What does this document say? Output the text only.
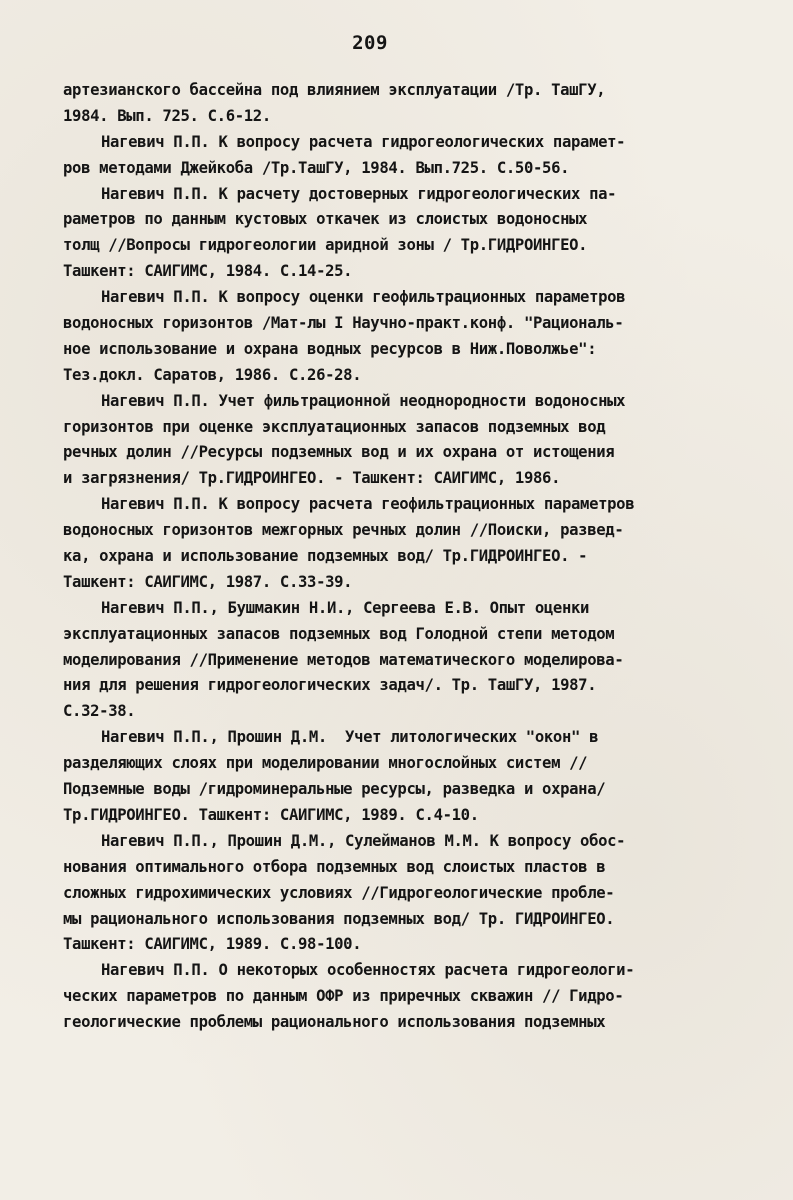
209
артезианского бассейна под влиянием эксплуатации /Тр. ТашГУ,
1984. Вып. 725. С.6-12.
Нагевич П.П. К вопросу расчета гидрогеологических парамет-
ров методами Джейкоба /Тр.ТашГУ, 1984. Вып.725. С.50-56.
Нагевич П.П. К расчету достоверных гидрогеологических па-
раметров по данным кустовых откачек из слоистых водоносных
толщ //Вопросы гидрогеологии аридной зоны / Тр.ГИДРОИНГЕО.
Ташкент: САИГИМС, 1984. С.14-25.
Нагевич П.П. К вопросу оценки геофильтрационных параметров
водоносных горизонтов /Мат-лы I Научно-практ.конф. "Рациональ-
ное использование и охрана водных ресурсов в Ниж.Поволжье":
Тез.докл. Саратов, 1986. С.26-28.
Нагевич П.П. Учет фильтрационной неоднородности водоносных
горизонтов при оценке эксплуатационных запасов подземных вод
речных долин //Ресурсы подземных вод и их охрана от истощения
и загрязнения/ Тр.ГИДРОИНГЕО. - Ташкент: САИГИМС, 1986.
Нагевич П.П. К вопросу расчета геофильтрационных параметров
водоносных горизонтов межгорных речных долин //Поиски, развед-
ка, охрана и использование подземных вод/ Тр.ГИДРОИНГЕО. -
Ташкент: САИГИМС, 1987. С.33-39.
Нагевич П.П., Бушмакин Н.И., Сергеева Е.В. Опыт оценки
эксплуатационных запасов подземных вод Голодной степи методом
моделирования //Применение методов математического моделирова-
ния для решения гидрогеологических задач/. Тр. ТашГУ, 1987.
С.32-38.
Нагевич П.П., Прошин Д.М.  Учет литологических "окон" в
разделяющих слоях при моделировании многослойных систем //
Подземные воды /гидроминеральные ресурсы, разведка и охрана/
Тр.ГИДРОИНГЕО. Ташкент: САИГИМС, 1989. С.4-10.
Нагевич П.П., Прошин Д.М., Сулейманов М.М. К вопросу обос-
нования оптимального отбора подземных вод слоистых пластов в
сложных гидрохимических условиях //Гидрогеологические пробле-
мы рационального использования подземных вод/ Тр. ГИДРОИНГЕО.
Ташкент: САИГИМС, 1989. С.98-100.
Нагевич П.П. О некоторых особенностях расчета гидрогеологи-
ческих параметров по данным ОФР из приречных скважин // Гидро-
геологические проблемы рационального использования подземных
